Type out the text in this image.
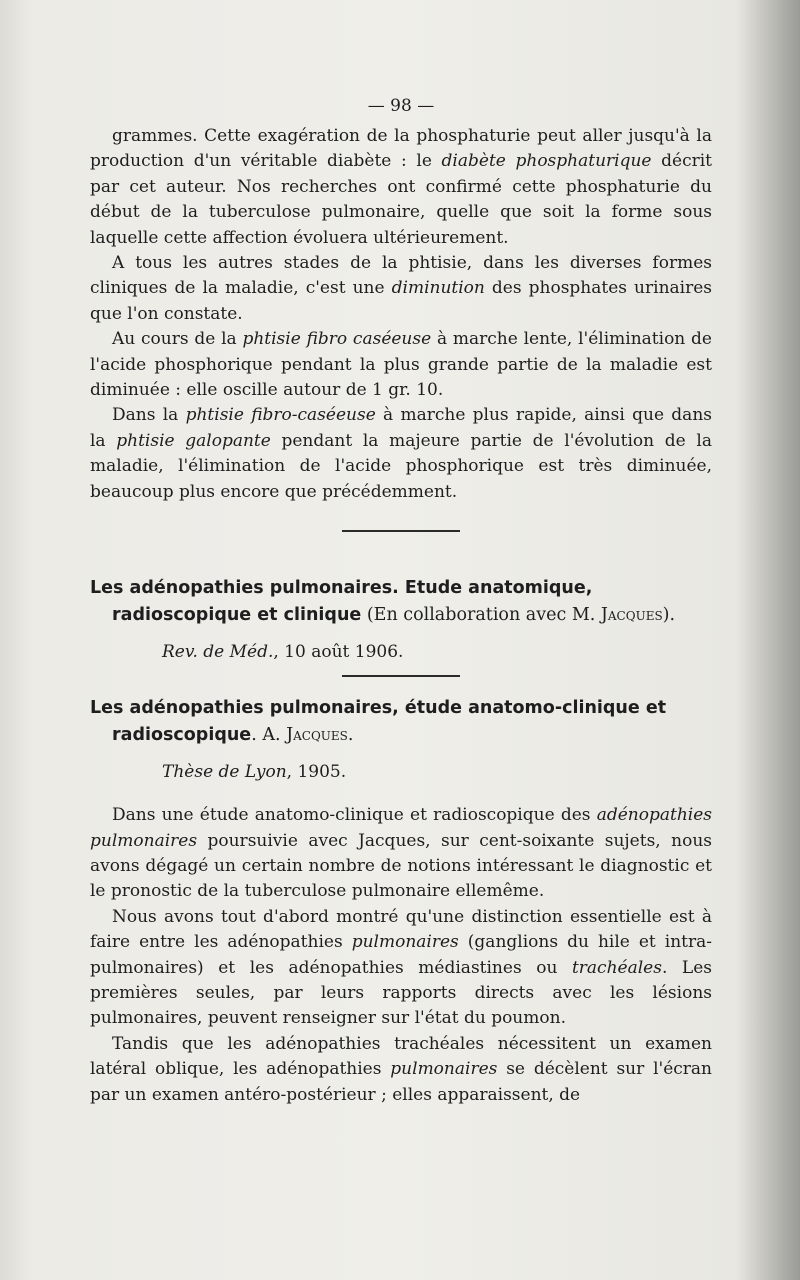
— 98 —

grammes. Cette exagération de la phosphaturie peut aller jusqu'à la production d'un véritable diabète : le diabète phosphaturique décrit par cet auteur. Nos recherches ont confirmé cette phosphaturie du début de la tuberculose pulmonaire, quelle que soit la forme sous laquelle cette affection évoluera ultérieurement.

A tous les autres stades de la phtisie, dans les diverses formes cliniques de la maladie, c'est une diminution des phosphates urinaires que l'on constate.

Au cours de la phtisie fibro caséeuse à marche lente, l'élimination de l'acide phosphorique pendant la plus grande partie de la maladie est diminuée : elle oscille autour de 1 gr. 10.

Dans la phtisie fibro-caséeuse à marche plus rapide, ainsi que dans la phtisie galopante pendant la majeure partie de l'évolution de la maladie, l'élimination de l'acide phosphorique est très diminuée, beaucoup plus encore que précédemment.

Les adénopathies pulmonaires. Etude anatomique, radioscopique et clinique (En collaboration avec M. Jacques).
Rev. de Méd., 10 août 1906.
Les adénopathies pulmonaires, étude anatomo-clinique et radioscopique. A. Jacques.
Thèse de Lyon, 1905.

Dans une étude anatomo-clinique et radioscopique des adénopathies pulmonaires poursuivie avec Jacques, sur cent-soixante sujets, nous avons dégagé un certain nombre de notions intéressant le diagnostic et le pronostic de la tuberculose pulmonaire ellemême.

Nous avons tout d'abord montré qu'une distinction essentielle est à faire entre les adénopathies pulmonaires (ganglions du hile et intra-pulmonaires) et les adénopathies médiastines ou trachéales. Les premières seules, par leurs rapports directs avec les lésions pulmonaires, peuvent renseigner sur l'état du poumon.

Tandis que les adénopathies trachéales nécessitent un examen latéral oblique, les adénopathies pulmonaires se décèlent sur l'écran par un examen antéro-postérieur ; elles apparaissent, de
